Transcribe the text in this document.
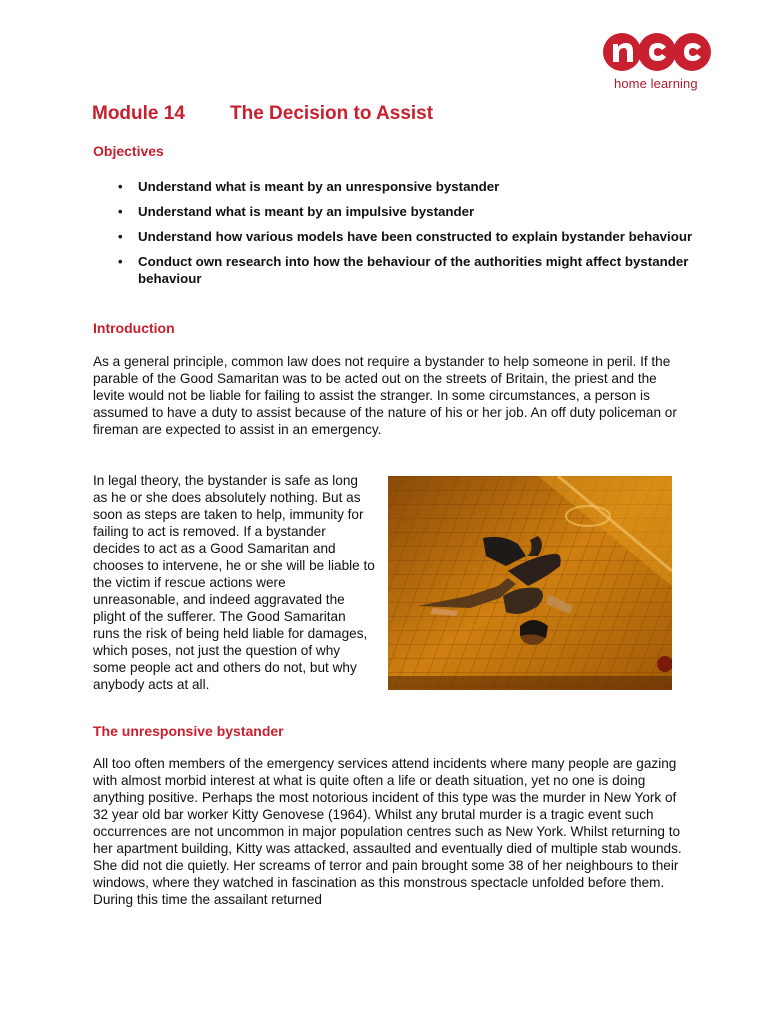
home learning
Module 14 The Decision to Assist
Objectives
• Understand what is meant by an unresponsive bystander
• Understand what is meant by an impulsive bystander
• Understand how various models have been constructed to explain bystander behaviour
• Conduct own research into how the behaviour of the authorities might affect bystander behaviour
Introduction

As a general principle, common law does not require a bystander to help someone in peril. If the parable of the Good Samaritan was to be acted out on the streets of Britain, the priest and the levite would not be liable for failing to assist the stranger. In some circumstances, a person is assumed to have a duty to assist because of the nature of his or her job. An off duty policeman or fireman are expected to assist in an emergency.

In legal theory, the bystander is safe as long as he or she does absolutely nothing. But as soon as steps are taken to help, immunity for failing to act is removed. If a bystander decides to act as a Good Samaritan and chooses to intervene, he or she will be liable to the victim if rescue actions were unreasonable, and indeed aggravated the plight of the sufferer. The Good Samaritan runs the risk of being held liable for damages, which poses, not just the question of why some people act and others do not, but why anybody acts at all.

The unresponsive bystander

All too often members of the emergency services attend incidents where many people are gazing with almost morbid interest at what is quite often a life or death situation, yet no one is doing anything positive. Perhaps the most notorious incident of this type was the murder in New York of 32 year old bar worker Kitty Genovese (1964). Whilst any brutal murder is a tragic event such occurrences are not uncommon in major population centres such as New York. Whilst returning to her apartment building, Kitty was attacked, assaulted and eventually died of multiple stab wounds. She did not die quietly. Her screams of terror and pain brought some 38 of her neighbours to their windows, where they watched in fascination as this monstrous spectacle unfolded before them. During this time the assailant returned
